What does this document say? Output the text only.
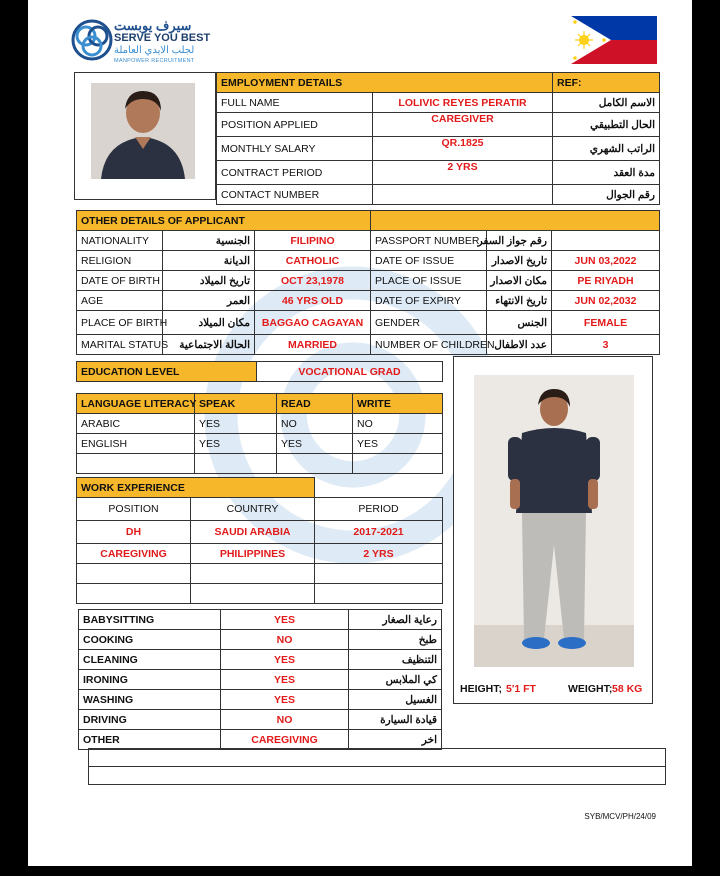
سيرف يوبست
SERVE YOU BEST
لجلب الايدي العاملة
MANPOWER RECRUITMENT
EMPLOYMENT DETAILS		REF:
FULL NAME	LOLIVIC REYES PERATIR	الاسم الكامل
POSITION APPLIED	CAREGIVER	الحال التطبيقي
MONTHLY SALARY	QR.1825	الراتب الشهري
CONTRACT PERIOD	2 YRS	مدة العقد
CONTACT NUMBER		رقم الجوال
OTHER DETAILS OF APPLICANT					
NATIONALITY	الجنسية	FILIPINO	PASSPORT NUMBER	رقم جواز السفر	
RELIGION	الديانة	CATHOLIC	DATE OF ISSUE	تاريخ الاصدار	JUN 03,2022
DATE OF BIRTH	تاريخ الميلاد	OCT 23,1978	PLACE OF ISSUE	مكان الاصدار	PE RIYADH
AGE	العمر	46 YRS OLD	DATE OF EXPIRY	تاريخ الانتهاء	JUN 02,2032
PLACE OF BIRTH	مكان الميلاد	BAGGAO CAGAYAN	GENDER	الجنس	FEMALE
MARITAL STATUS	الحالة الاجتماعية	MARRIED	NUMBER OF CHILDREN	عدد الاطفال	3
EDUCATION LEVEL	VOCATIONAL GRAD
LANGUAGE LITERACY	SPEAK	READ	WRITE
ARABIC	YES	NO	NO
ENGLISH	YES	YES	YES

WORK EXPERIENCE		
POSITION	COUNTRY	PERIOD
DH	SAUDI ARABIA	2017-2021
CAREGIVING	PHILIPPINES	2 YRS

BABYSITTING	YES	رعاية الصغار
COOKING	NO	طبخ
CLEANING	YES	التنظيف
IRONING	YES	كي الملابس
WASHING	YES	الغسيل
DRIVING	NO	قيادة السيارة
OTHER	CAREGIVING	اخر
HEIGHT; 5'1 FT	WEIGHT; 58 KG

SYB/MCV/PH/24/09
